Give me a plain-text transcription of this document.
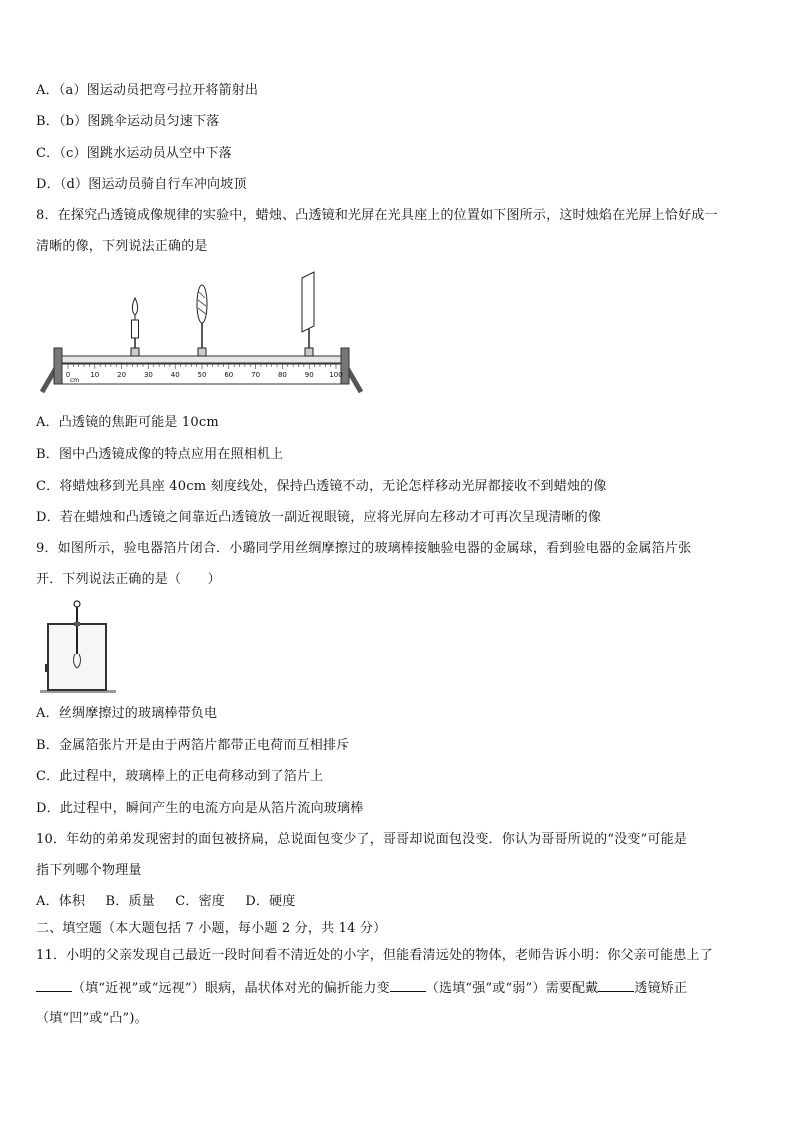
A．（a）图运动员把弯弓拉开将箭射出
B．（b）图跳伞运动员匀速下落
C．（c）图跳水运动员从空中下落
D．（d）图运动员骑自行车冲向坡顶
8．在探究凸透镜成像规律的实验中，蜡烛、凸透镜和光屏在光具座上的位置如下图所示，这时烛焰在光屏上恰好成一
清晰的像，下列说法正确的是
0	10	20	30	40	50	60	70	80	90 100
cm
A．凸透镜的焦距可能是 10cm
B．图中凸透镜成像的特点应用在照相机上
C．将蜡烛移到光具座 40cm 刻度线处，保持凸透镜不动，无论怎样移动光屏都接收不到蜡烛的像
D．若在蜡烛和凸透镜之间靠近凸透镜放一副近视眼镜，应将光屏向左移动才可再次呈现清晰的像
9．如图所示，验电器箔片闭合．小璐同学用丝绸摩擦过的玻璃棒接触验电器的金属球，看到验电器的金属箔片张
开．下列说法正确的是（　　）
A．丝绸摩擦过的玻璃棒带负电
B．金属箔张片开是由于两箔片都带正电荷而互相排斥
C．此过程中，玻璃棒上的正电荷移动到了箔片上
D．此过程中，瞬间产生的电流方向是从箔片流向玻璃棒
10．年幼的弟弟发现密封的面包被挤扁，总说面包变少了，哥哥却说面包没变．你认为哥哥所说的“没变”可能是
指下列哪个物理量
A．体积 B．质量 C．密度 D．硬度
二、填空题（本大题包括 7 小题，每小题 2 分，共 14 分）
11．小明的父亲发现自己最近一段时间看不清近处的小字，但能看清远处的物体，老师告诉小明：你父亲可能患上了
（填“近视”或“远视”）眼病，晶状体对光的偏折能力变	（选填“强”或“弱”）需要配戴	透镜矫正
（填“凹”或“凸”)。
